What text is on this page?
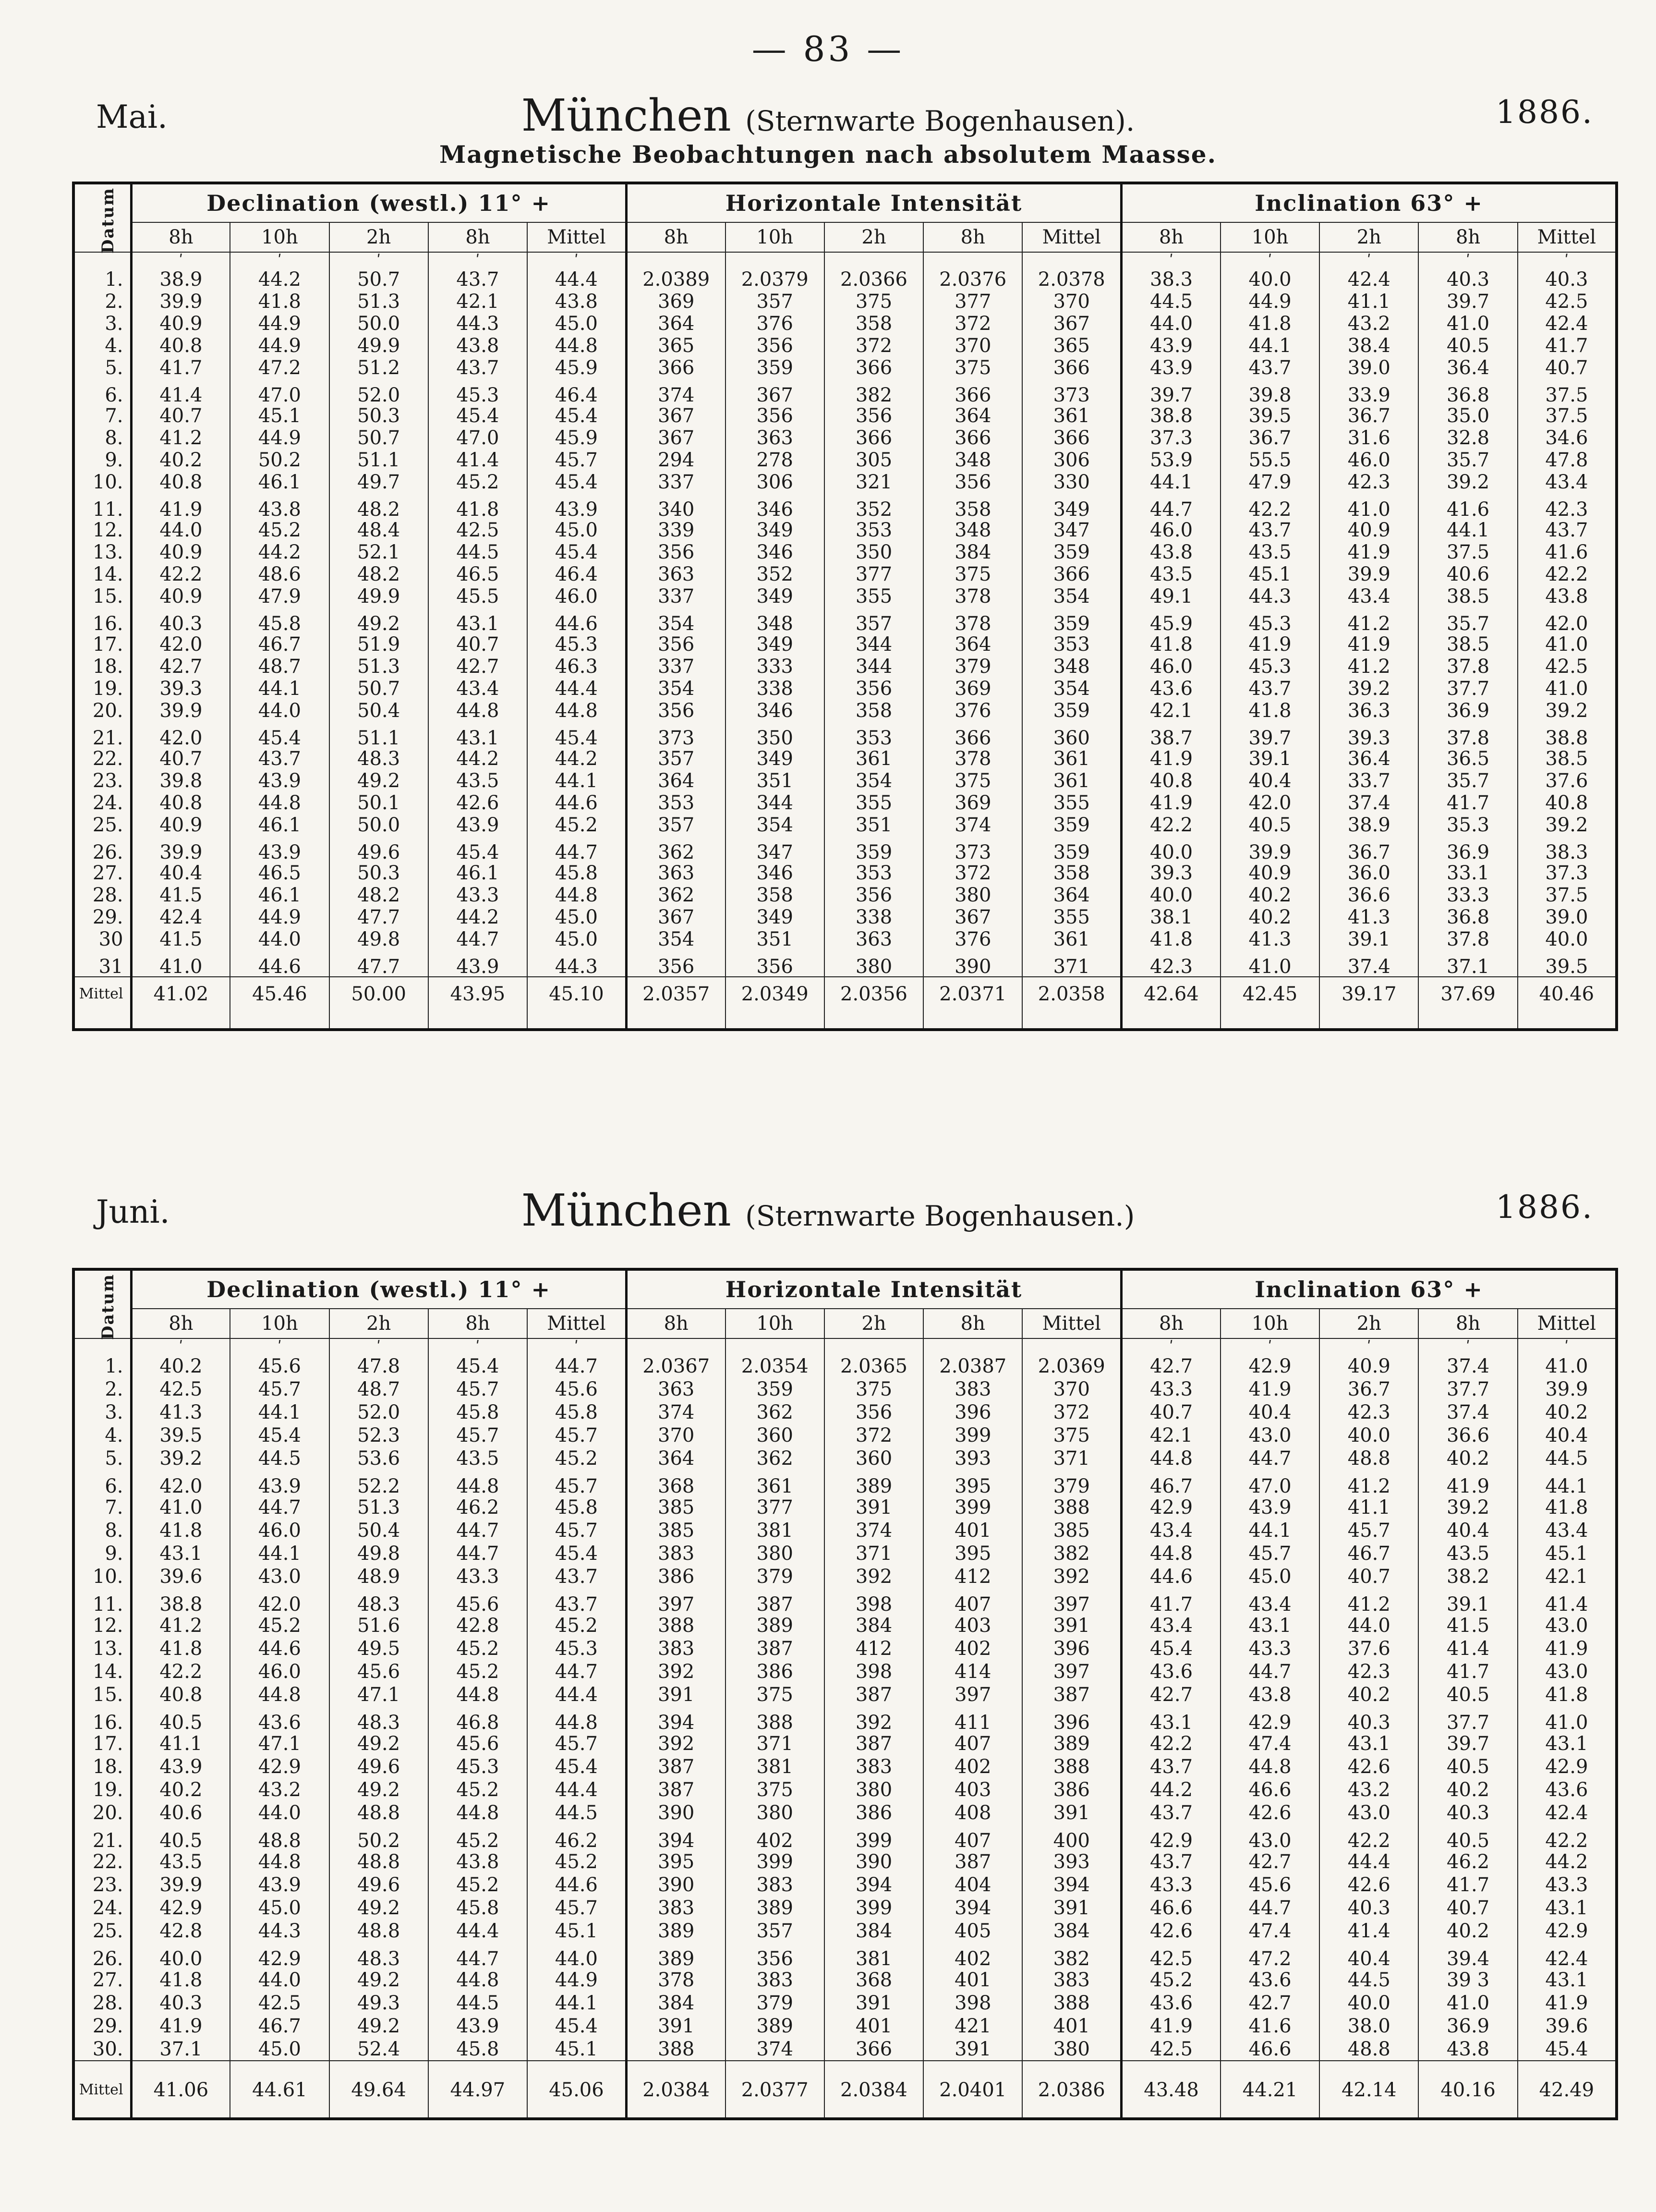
— 83 —
Mai.	München (Sternwarte Bogenhausen).	1886.
Magnetische Beobachtungen nach absolutem Maasse.
Datum	Declination (westl.) 11° +					Horizontale Intensität					Inclination 63° +				
	8h	10h	2h	8h	Mittel	8h	10h	2h	8h	Mittel	8h	10h	2h	8h	Mittel
	ʹ	ʹ	ʹ	ʹ	ʹ						ʹ	ʹ	ʹ	ʹ	ʹ
1.	38.9	44.2	50.7	43.7	44.4	2.0389	2.0379	2.0366	2.0376	2.0378	38.3	40.0	42.4	40.3	40.3
2.	39.9	41.8	51.3	42.1	43.8	369	357	375	377	370	44.5	44.9	41.1	39.7	42.5
3.	40.9	44.9	50.0	44.3	45.0	364	376	358	372	367	44.0	41.8	43.2	41.0	42.4
4.	40.8	44.9	49.9	43.8	44.8	365	356	372	370	365	43.9	44.1	38.4	40.5	41.7
5.	41.7	47.2	51.2	43.7	45.9	366	359	366	375	366	43.9	43.7	39.0	36.4	40.7
6.	41.4	47.0	52.0	45.3	46.4	374	367	382	366	373	39.7	39.8	33.9	36.8	37.5
7.	40.7	45.1	50.3	45.4	45.4	367	356	356	364	361	38.8	39.5	36.7	35.0	37.5
8.	41.2	44.9	50.7	47.0	45.9	367	363	366	366	366	37.3	36.7	31.6	32.8	34.6
9.	40.2	50.2	51.1	41.4	45.7	294	278	305	348	306	53.9	55.5	46.0	35.7	47.8
10.	40.8	46.1	49.7	45.2	45.4	337	306	321	356	330	44.1	47.9	42.3	39.2	43.4
11.	41.9	43.8	48.2	41.8	43.9	340	346	352	358	349	44.7	42.2	41.0	41.6	42.3
12.	44.0	45.2	48.4	42.5	45.0	339	349	353	348	347	46.0	43.7	40.9	44.1	43.7
13.	40.9	44.2	52.1	44.5	45.4	356	346	350	384	359	43.8	43.5	41.9	37.5	41.6
14.	42.2	48.6	48.2	46.5	46.4	363	352	377	375	366	43.5	45.1	39.9	40.6	42.2
15.	40.9	47.9	49.9	45.5	46.0	337	349	355	378	354	49.1	44.3	43.4	38.5	43.8
16.	40.3	45.8	49.2	43.1	44.6	354	348	357	378	359	45.9	45.3	41.2	35.7	42.0
17.	42.0	46.7	51.9	40.7	45.3	356	349	344	364	353	41.8	41.9	41.9	38.5	41.0
18.	42.7	48.7	51.3	42.7	46.3	337	333	344	379	348	46.0	45.3	41.2	37.8	42.5
19.	39.3	44.1	50.7	43.4	44.4	354	338	356	369	354	43.6	43.7	39.2	37.7	41.0
20.	39.9	44.0	50.4	44.8	44.8	356	346	358	376	359	42.1	41.8	36.3	36.9	39.2
21.	42.0	45.4	51.1	43.1	45.4	373	350	353	366	360	38.7	39.7	39.3	37.8	38.8
22.	40.7	43.7	48.3	44.2	44.2	357	349	361	378	361	41.9	39.1	36.4	36.5	38.5
23.	39.8	43.9	49.2	43.5	44.1	364	351	354	375	361	40.8	40.4	33.7	35.7	37.6
24.	40.8	44.8	50.1	42.6	44.6	353	344	355	369	355	41.9	42.0	37.4	41.7	40.8
25.	40.9	46.1	50.0	43.9	45.2	357	354	351	374	359	42.2	40.5	38.9	35.3	39.2
26.	39.9	43.9	49.6	45.4	44.7	362	347	359	373	359	40.0	39.9	36.7	36.9	38.3
27.	40.4	46.5	50.3	46.1	45.8	363	346	353	372	358	39.3	40.9	36.0	33.1	37.3
28.	41.5	46.1	48.2	43.3	44.8	362	358	356	380	364	40.0	40.2	36.6	33.3	37.5
29.	42.4	44.9	47.7	44.2	45.0	367	349	338	367	355	38.1	40.2	41.3	36.8	39.0
30	41.5	44.0	49.8	44.7	45.0	354	351	363	376	361	41.8	41.3	39.1	37.8	40.0
31	41.0	44.6	47.7	43.9	44.3	356	356	380	390	371	42.3	41.0	37.4	37.1	39.5
Mittel	41.02	45.46	50.00	43.95	45.10	2.0357	2.0349	2.0356	2.0371	2.0358	42.64	42.45	39.17	37.69	40.46

Juni.	München (Sternwarte Bogenhausen.)	1886.
Datum	Declination (westl.) 11° +					Horizontale Intensität					Inclination 63° +				
	8h	10h	2h	8h	Mittel	8h	10h	2h	8h	Mittel	8h	10h	2h	8h	Mittel
	ʹ	ʹ	ʹ	ʹ	ʹ						ʹ	ʹ	ʹ	ʹ	ʹ
1.	40.2	45.6	47.8	45.4	44.7	2.0367	2.0354	2.0365	2.0387	2.0369	42.7	42.9	40.9	37.4	41.0
2.	42.5	45.7	48.7	45.7	45.6	363	359	375	383	370	43.3	41.9	36.7	37.7	39.9
3.	41.3	44.1	52.0	45.8	45.8	374	362	356	396	372	40.7	40.4	42.3	37.4	40.2
4.	39.5	45.4	52.3	45.7	45.7	370	360	372	399	375	42.1	43.0	40.0	36.6	40.4
5.	39.2	44.5	53.6	43.5	45.2	364	362	360	393	371	44.8	44.7	48.8	40.2	44.5
6.	42.0	43.9	52.2	44.8	45.7	368	361	389	395	379	46.7	47.0	41.2	41.9	44.1
7.	41.0	44.7	51.3	46.2	45.8	385	377	391	399	388	42.9	43.9	41.1	39.2	41.8
8.	41.8	46.0	50.4	44.7	45.7	385	381	374	401	385	43.4	44.1	45.7	40.4	43.4
9.	43.1	44.1	49.8	44.7	45.4	383	380	371	395	382	44.8	45.7	46.7	43.5	45.1
10.	39.6	43.0	48.9	43.3	43.7	386	379	392	412	392	44.6	45.0	40.7	38.2	42.1
11.	38.8	42.0	48.3	45.6	43.7	397	387	398	407	397	41.7	43.4	41.2	39.1	41.4
12.	41.2	45.2	51.6	42.8	45.2	388	389	384	403	391	43.4	43.1	44.0	41.5	43.0
13.	41.8	44.6	49.5	45.2	45.3	383	387	412	402	396	45.4	43.3	37.6	41.4	41.9
14.	42.2	46.0	45.6	45.2	44.7	392	386	398	414	397	43.6	44.7	42.3	41.7	43.0
15.	40.8	44.8	47.1	44.8	44.4	391	375	387	397	387	42.7	43.8	40.2	40.5	41.8
16.	40.5	43.6	48.3	46.8	44.8	394	388	392	411	396	43.1	42.9	40.3	37.7	41.0
17.	41.1	47.1	49.2	45.6	45.7	392	371	387	407	389	42.2	47.4	43.1	39.7	43.1
18.	43.9	42.9	49.6	45.3	45.4	387	381	383	402	388	43.7	44.8	42.6	40.5	42.9
19.	40.2	43.2	49.2	45.2	44.4	387	375	380	403	386	44.2	46.6	43.2	40.2	43.6
20.	40.6	44.0	48.8	44.8	44.5	390	380	386	408	391	43.7	42.6	43.0	40.3	42.4
21.	40.5	48.8	50.2	45.2	46.2	394	402	399	407	400	42.9	43.0	42.2	40.5	42.2
22.	43.5	44.8	48.8	43.8	45.2	395	399	390	387	393	43.7	42.7	44.4	46.2	44.2
23.	39.9	43.9	49.6	45.2	44.6	390	383	394	404	394	43.3	45.6	42.6	41.7	43.3
24.	42.9	45.0	49.2	45.8	45.7	383	389	399	394	391	46.6	44.7	40.3	40.7	43.1
25.	42.8	44.3	48.8	44.4	45.1	389	357	384	405	384	42.6	47.4	41.4	40.2	42.9
26.	40.0	42.9	48.3	44.7	44.0	389	356	381	402	382	42.5	47.2	40.4	39.4	42.4
27.	41.8	44.0	49.2	44.8	44.9	378	383	368	401	383	45.2	43.6	44.5	39 3	43.1
28.	40.3	42.5	49.3	44.5	44.1	384	379	391	398	388	43.6	42.7	40.0	41.0	41.9
29.	41.9	46.7	49.2	43.9	45.4	391	389	401	421	401	41.9	41.6	38.0	36.9	39.6
30.	37.1	45.0	52.4	45.8	45.1	388	374	366	391	380	42.5	46.6	48.8	43.8	45.4
Mittel	41.06	44.61	49.64	44.97	45.06	2.0384	2.0377	2.0384	2.0401	2.0386	43.48	44.21	42.14	40.16	42.49
